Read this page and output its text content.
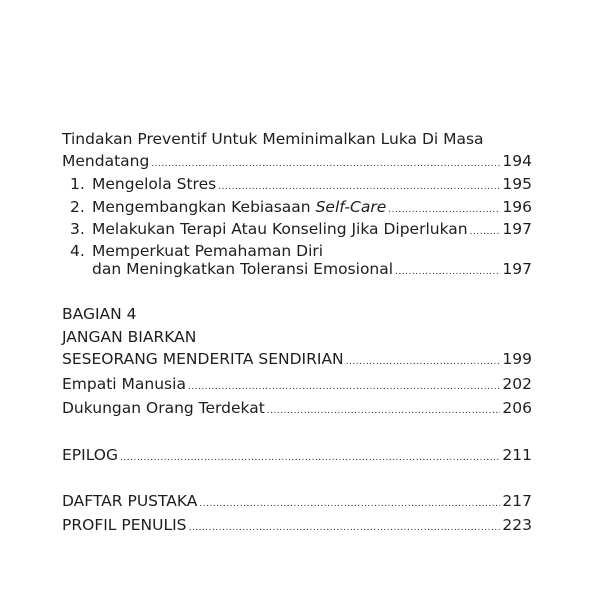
Tindakan Preventif Untuk Meminimalkan Luka Di Masa
Mendatang .....	194
1. Mengelola Stres .....	195
2. Mengembangkan Kebiasaan Self-Care .....	196
3. Melakukan Terapi Atau Konseling Jika Diperlukan ..... 197
4. Memperkuat Pemahaman Diri
dan Meningkatkan Toleransi Emosional .....	197
BAGIAN 4
JANGAN BIARKAN
SESEORANG MENDERITA SENDIRIAN .....	199
Empati Manusia .....	202
Dukungan Orang Terdekat .....	206
EPILOG .....	211
DAFTAR PUSTAKA .....	217
PROFIL PENULIS .....	223
